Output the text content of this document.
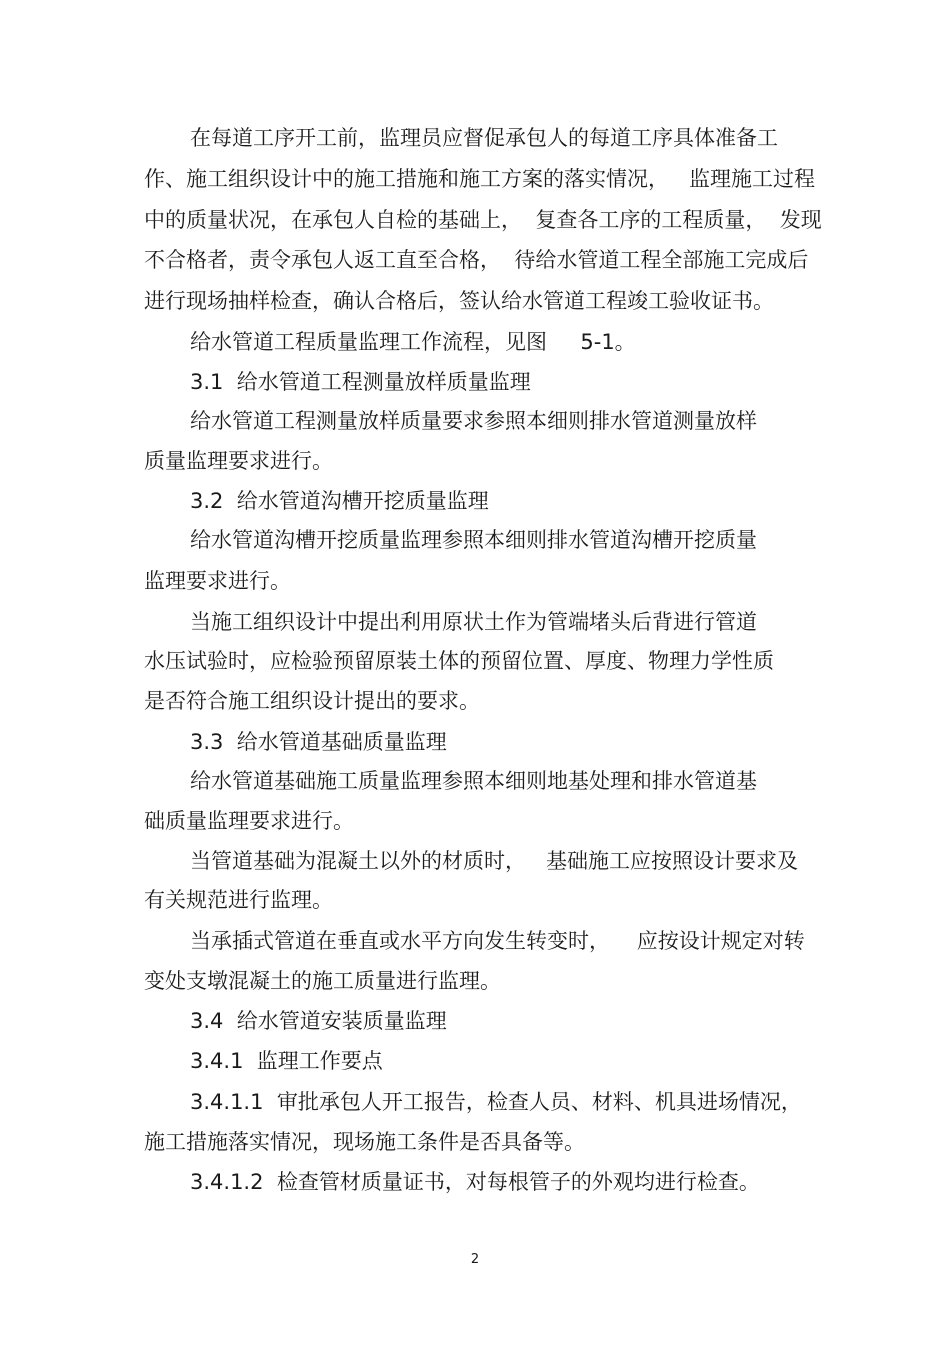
在每道工序开工前，监理员应督促承包人的每道工序具体准备工
作、施工组织设计中的施工措施和施工方案的落实情况，   监理施工过程
中的质量状况，在承包人自检的基础上，  复查各工序的工程质量，  发现
不合格者，责令承包人返工直至合格，  待给水管道工程全部施工完成后
进行现场抽样检查，确认合格后，签认给水管道工程竣工验收证书。
给水管道工程质量监理工作流程，见图     5-1。
3.1  给水管道工程测量放样质量监理
给水管道工程测量放样质量要求参照本细则排水管道测量放样
质量监理要求进行。
3.2  给水管道沟槽开挖质量监理
给水管道沟槽开挖质量监理参照本细则排水管道沟槽开挖质量
监理要求进行。
当施工组织设计中提出利用原状土作为管端堵头后背进行管道
水压试验时，应检验预留原装土体的预留位置、厚度、物理力学性质
是否符合施工组织设计提出的要求。
3.3  给水管道基础质量监理
给水管道基础施工质量监理参照本细则地基处理和排水管道基
础质量监理要求进行。
当管道基础为混凝土以外的材质时，   基础施工应按照设计要求及
有关规范进行监理。
当承插式管道在垂直或水平方向发生转变时，    应按设计规定对转
变处支墩混凝土的施工质量进行监理。
3.4  给水管道安装质量监理
3.4.1  监理工作要点
3.4.1.1  审批承包人开工报告，检查人员、材料、机具进场情况，
施工措施落实情况，现场施工条件是否具备等。
3.4.1.2  检查管材质量证书，对每根管子的外观均进行检查。
2
